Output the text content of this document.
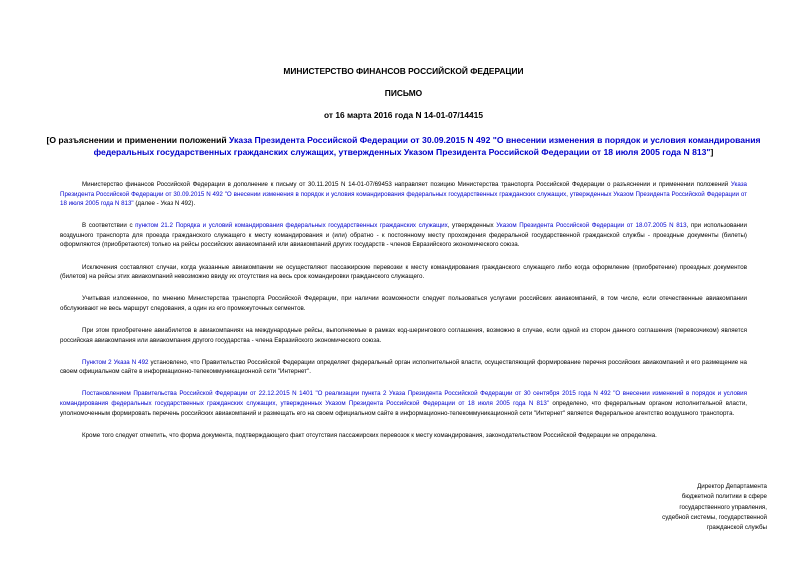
МИНИСТЕРСТВО ФИНАНСОВ РОССИЙСКОЙ ФЕДЕРАЦИИ
ПИСЬМО
от 16 марта 2016 года N 14-01-07/14415
[О разъяснении и применении положений Указа Президента Российской Федерации от 30.09.2015 N 492 "О внесении изменения в порядок и условия командирования федеральных государственных гражданских служащих, утвержденных Указом Президента Российской Федерации от 18 июля 2005 года N 813"]

Министерство финансов Российской Федерации в дополнение к письму от 30.11.2015 N 14-01-07/69453 направляет позицию Министерства транспорта Российской Федерации о разъяснении и применении положений Указа Президента Российской Федерации от 30.09.2015 N 492 "О внесении изменения в порядок и условия командирования федеральных государственных гражданских служащих, утвержденных Указом Президента Российской Федерации от 18 июля 2005 года N 813" (далее - Указ N 492).

В соответствии с пунктом 21.2 Порядка и условий командирования федеральных государственных гражданских служащих, утвержденных Указом Президента Российской Федерации от 18.07.2005 N 813, при использовании воздушного транспорта для проезда гражданского служащего к месту командирования и (или) обратно - к постоянному месту прохождения федеральной государственной гражданской службы - проездные документы (билеты) оформляются (приобретаются) только на рейсы российских авиакомпаний или авиакомпаний других государств - членов Евразийского экономического союза.

Исключения составляют случаи, когда указанные авиакомпании не осуществляют пассажирские перевозки к месту командирования гражданского служащего либо когда оформление (приобретение) проездных документов (билетов) на рейсы этих авиакомпаний невозможно ввиду их отсутствия на весь срок командировки гражданского служащего.

Учитывая изложенное, по мнению Министерства транспорта Российской Федерации, при наличии возможности следует пользоваться услугами российских авиакомпаний, в том числе, если отечественные авиакомпании обслуживают не весь маршрут следования, а один из его промежуточных сегментов.

При этом приобретение авиабилетов в авиакомпаниях на международные рейсы, выполняемые в рамках код-шерингового соглашения, возможно в случае, если одной из сторон данного соглашения (перевозчиком) является российская авиакомпания или авиакомпания другого государства - члена Евразийского экономического союза.

Пунктом 2 Указа N 492 установлено, что Правительство Российской Федерации определяет федеральный орган исполнительной власти, осуществляющий формирование перечня российских авиакомпаний и его размещение на своем официальном сайте в информационно-телекоммуникационной сети "Интернет".

Постановлением Правительства Российской Федерации от 22.12.2015 N 1401 "О реализации пункта 2 Указа Президента Российской Федерации от 30 сентября 2015 года N 492 "О внесении изменений в порядок и условия командирования федеральных государственных гражданских служащих, утвержденных Указом Президента Российской Федерации от 18 июля 2005 года N 813" определено, что федеральным органом исполнительной власти, уполномоченным формировать перечень российских авиакомпаний и размещать его на своем официальном сайте в информационно-телекоммуникационной сети "Интернет" является Федеральное агентство воздушного транспорта.

Кроме того следует отметить, что форма документа, подтверждающего факт отсутствия пассажирских перевозок к месту командирования, законодательством Российской Федерации не определена.

Директор Департамента
бюджетной политики в сфере
государственного управления,
судебной системы, государственной
гражданской службы
